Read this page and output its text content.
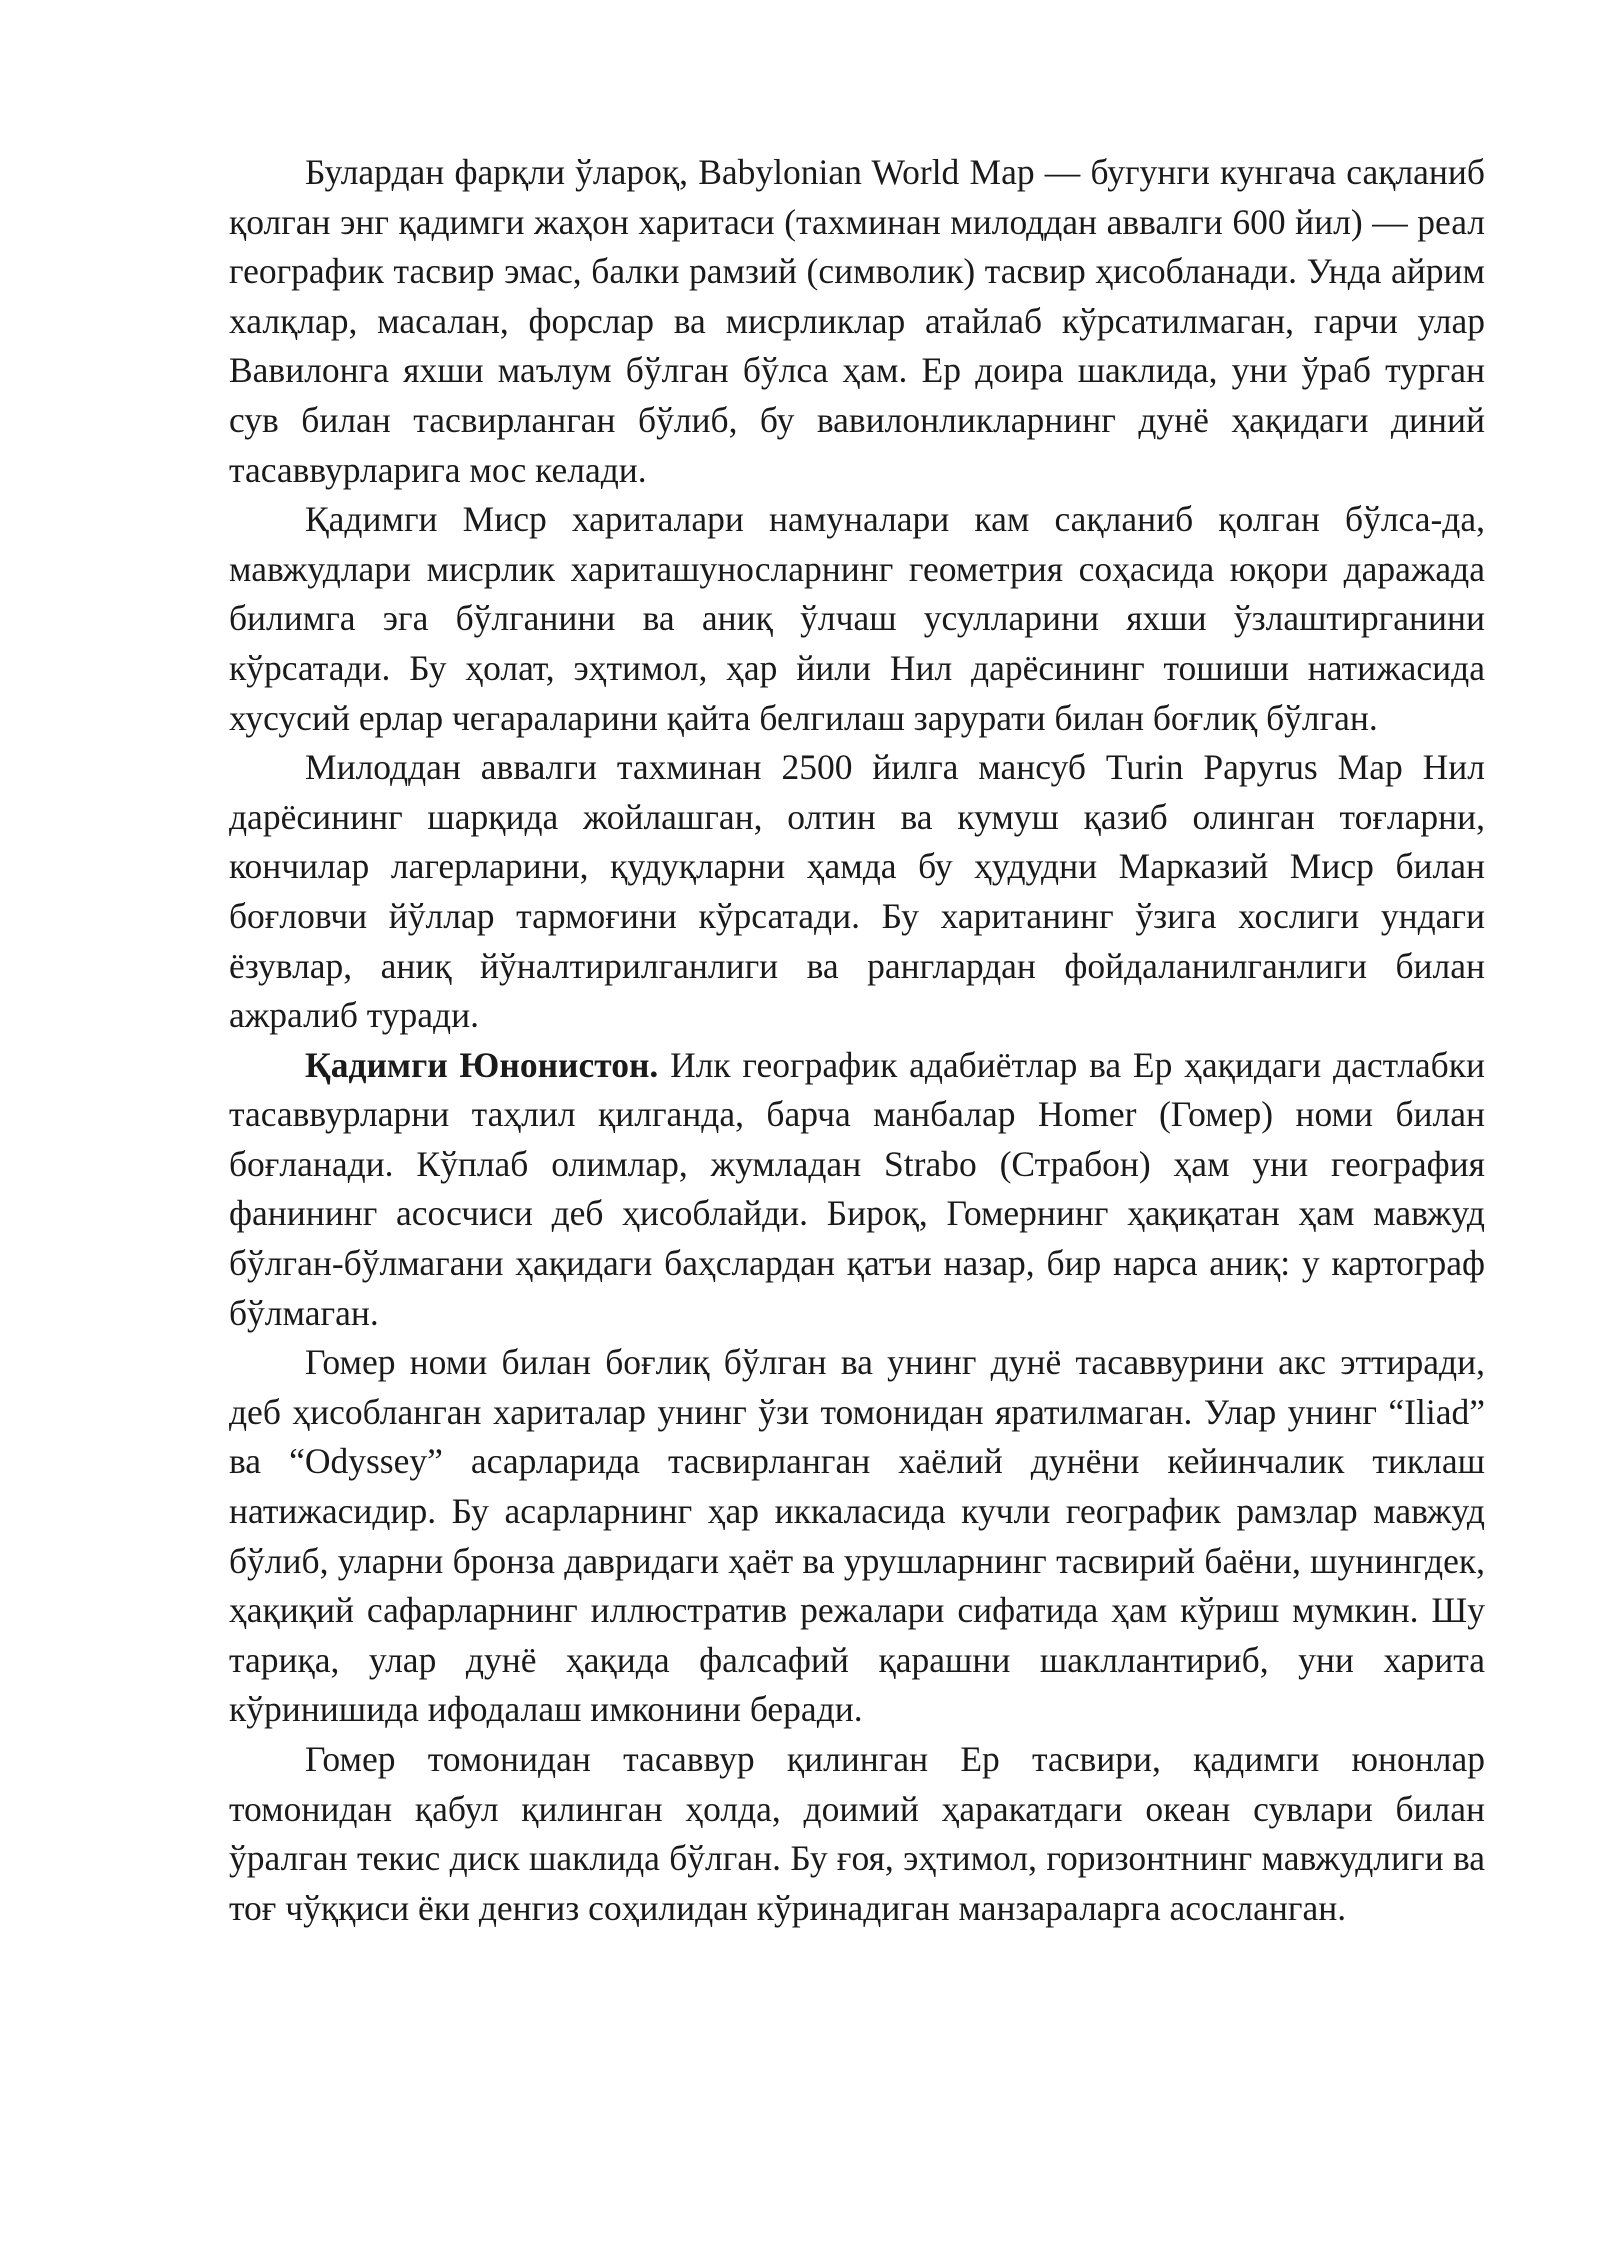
Булардан фарқли ўлароқ, Babylonian World Map — бугунги кунгача сақланиб қолган энг қадимги жаҳон харитаси (тахминан милоддан аввалги 600 йил) — реал географик тасвир эмас, балки рамзий (символик) тасвир ҳисобланади. Унда айрим халқлар, масалан, форслар ва мисрликлар атайлаб кўрсатилмаган, гарчи улар Вавилонга яхши маълум бўлган бўлса ҳам. Ер доира шаклида, уни ўраб турган сув билан тасвирланган бўлиб, бу вавилонликларнинг дунё ҳақидаги диний тасаввурларига мос келади.

Қадимги Миср хариталари намуналари кам сақланиб қолган бўлса-да, мавжудлари мисрлик хариташуносларнинг геометрия соҳасида юқори даражада билимга эга бўлганини ва аниқ ўлчаш усулларини яхши ўзлаштирганини кўрсатади. Бу ҳолат, эҳтимол, ҳар йили Нил дарёсининг тошиши натижасида хусусий ерлар чегараларини қайта белгилаш зарурати билан боғлиқ бўлган.

Милоддан аввалги тахминан 2500 йилга мансуб Turin Papyrus Map Нил дарёсининг шарқида жойлашган, олтин ва кумуш қазиб олинган тоғларни, кончилар лагерларини, қудуқларни ҳамда бу ҳудудни Марказий Миср билан боғловчи йўллар тармоғини кўрсатади. Бу хаританинг ўзига хослиги ундаги ёзувлар, аниқ йўналтирилганлиги ва ранглардан фойдаланилганлиги билан ажралиб туради.

Қадимги Юнонистон. Илк географик адабиётлар ва Ер ҳақидаги дастлабки тасаввурларни таҳлил қилганда, барча манбалар Homer (Гомер) номи билан боғланади. Кўплаб олимлар, жумладан Strabo (Страбон) ҳам уни география фанининг асосчиси деб ҳисоблайди. Бироқ, Гомернинг ҳақиқатан ҳам мавжуд бўлган-бўлмагани ҳақидаги баҳслардан қатъи назар, бир нарса аниқ: у картограф бўлмаган.

Гомер номи билан боғлиқ бўлган ва унинг дунё тасаввурини акс эттиради, деб ҳисобланган хариталар унинг ўзи томонидан яратилмаган. Улар унинг “Iliad” ва “Odyssey” асарларида тасвирланган хаёлий дунёни кейинчалик тиклаш натижасидир. Бу асарларнинг ҳар иккаласида кучли географик рамзлар мавжуд бўлиб, уларни бронза давридаги ҳаёт ва урушларнинг тасвирий баёни, шунингдек, ҳақиқий сафарларнинг иллюстратив режалари сифатида ҳам кўриш мумкин. Шу тариқа, улар дунё ҳақида фалсафий қарашни шакллантириб, уни харита кўринишида ифодалаш имконини беради.

Гомер томонидан тасаввур қилинган Ер тасвири, қадимги юнонлар томонидан қабул қилинган ҳолда, доимий ҳаракатдаги океан сувлари билан ўралган текис диск шаклида бўлган. Бу ғоя, эҳтимол, горизонтнинг мавжудлиги ва тоғ чўққиси ёки денгиз соҳилидан кўринадиган манзараларга асосланган.
